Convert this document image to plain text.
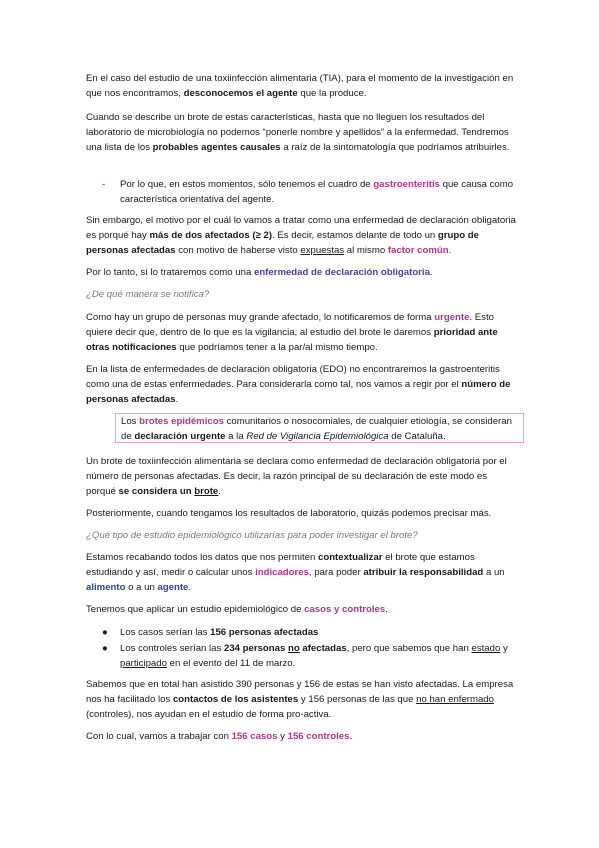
En el caso del estudio de una toxiinfección alimentaria (TIA), para el momento de la investigación en que nos encontramos, desconocemos el agente que la produce.

Cuando se describe un brote de estas características, hasta que no lleguen los resultados del laboratorio de microbiología no podemos “ponerle nombre y apellidos” a la enfermedad. Tendremos una lista de los probables agentes causales a raíz de la sintomatología que podríamos atribuirles.

-	Por lo que, en estos momentos, sólo tenemos el cuadro de gastroenteritis que causa como característica orientativa del agente.

Sin embargo, el motivo por el cuál lo vamos a tratar como una enfermedad de declaración obligatoria es porqué hay más de dos afectados (≥ 2). Es decir, estamos delante de todo un grupo de personas afectadas con motivo de haberse visto expuestas al mismo factor común.

Por lo tanto, sí lo trataremos como una enfermedad de declaración obligatoria.

¿De qué manera se notifica?

Como hay un grupo de personas muy grande afectado, lo notificaremos de forma urgente. Esto quiere decir que, dentro de lo que es la vigilancia, al estudio del brote le daremos prioridad ante otras notificaciones que podríamos tener a la par/al mismo tiempo.

En la lista de enfermedades de declaración obligatoria (EDO) no encontraremos la gastroenteritis como una de estas enfermedades. Para considerarla como tal, nos vamos a regir por el número de personas afectadas.

Los brotes epidémicos comunitarios o nosocomiales, de cualquier etiología, se consideran de declaración urgente a la Red de Vigilancia Epidemiológica de Cataluña.

Un brote de toxiinfección alimentaria se declara como enfermedad de declaración obligatoria por el número de personas afectadas. Es decir, la razón principal de su declaración de este modo es porqué se considera un brote.

Posteriormente, cuando tengamos los resultados de laboratorio, quizás podemos precisar más.

¿Qué tipo de estudio epidemiológico utilizarías para poder investigar el brote?

Estamos recabando todos los datos que nos permiten contextualizar el brote que estamos estudiando y así, medir o calcular unos indicadores, para poder atribuir la responsabilidad a un alimento o a un agente.

Tenemos que aplicar un estudio epidemiológico de casos y controles.

●	Los casos serían las 156 personas afectadas
●	Los controles serían las 234 personas no afectadas, pero que sabemos que han estado y participado en el evento del 11 de marzo.

Sabemos que en total han asistido 390 personas y 156 de estas se han visto afectadas. La empresa nos ha facilitado los contactos de los asistentes y 156 personas de las que no han enfermado (controles), nos ayudan en el estudio de forma pro-activa.

Con lo cual, vamos a trabajar con 156 casos y 156 controles.
